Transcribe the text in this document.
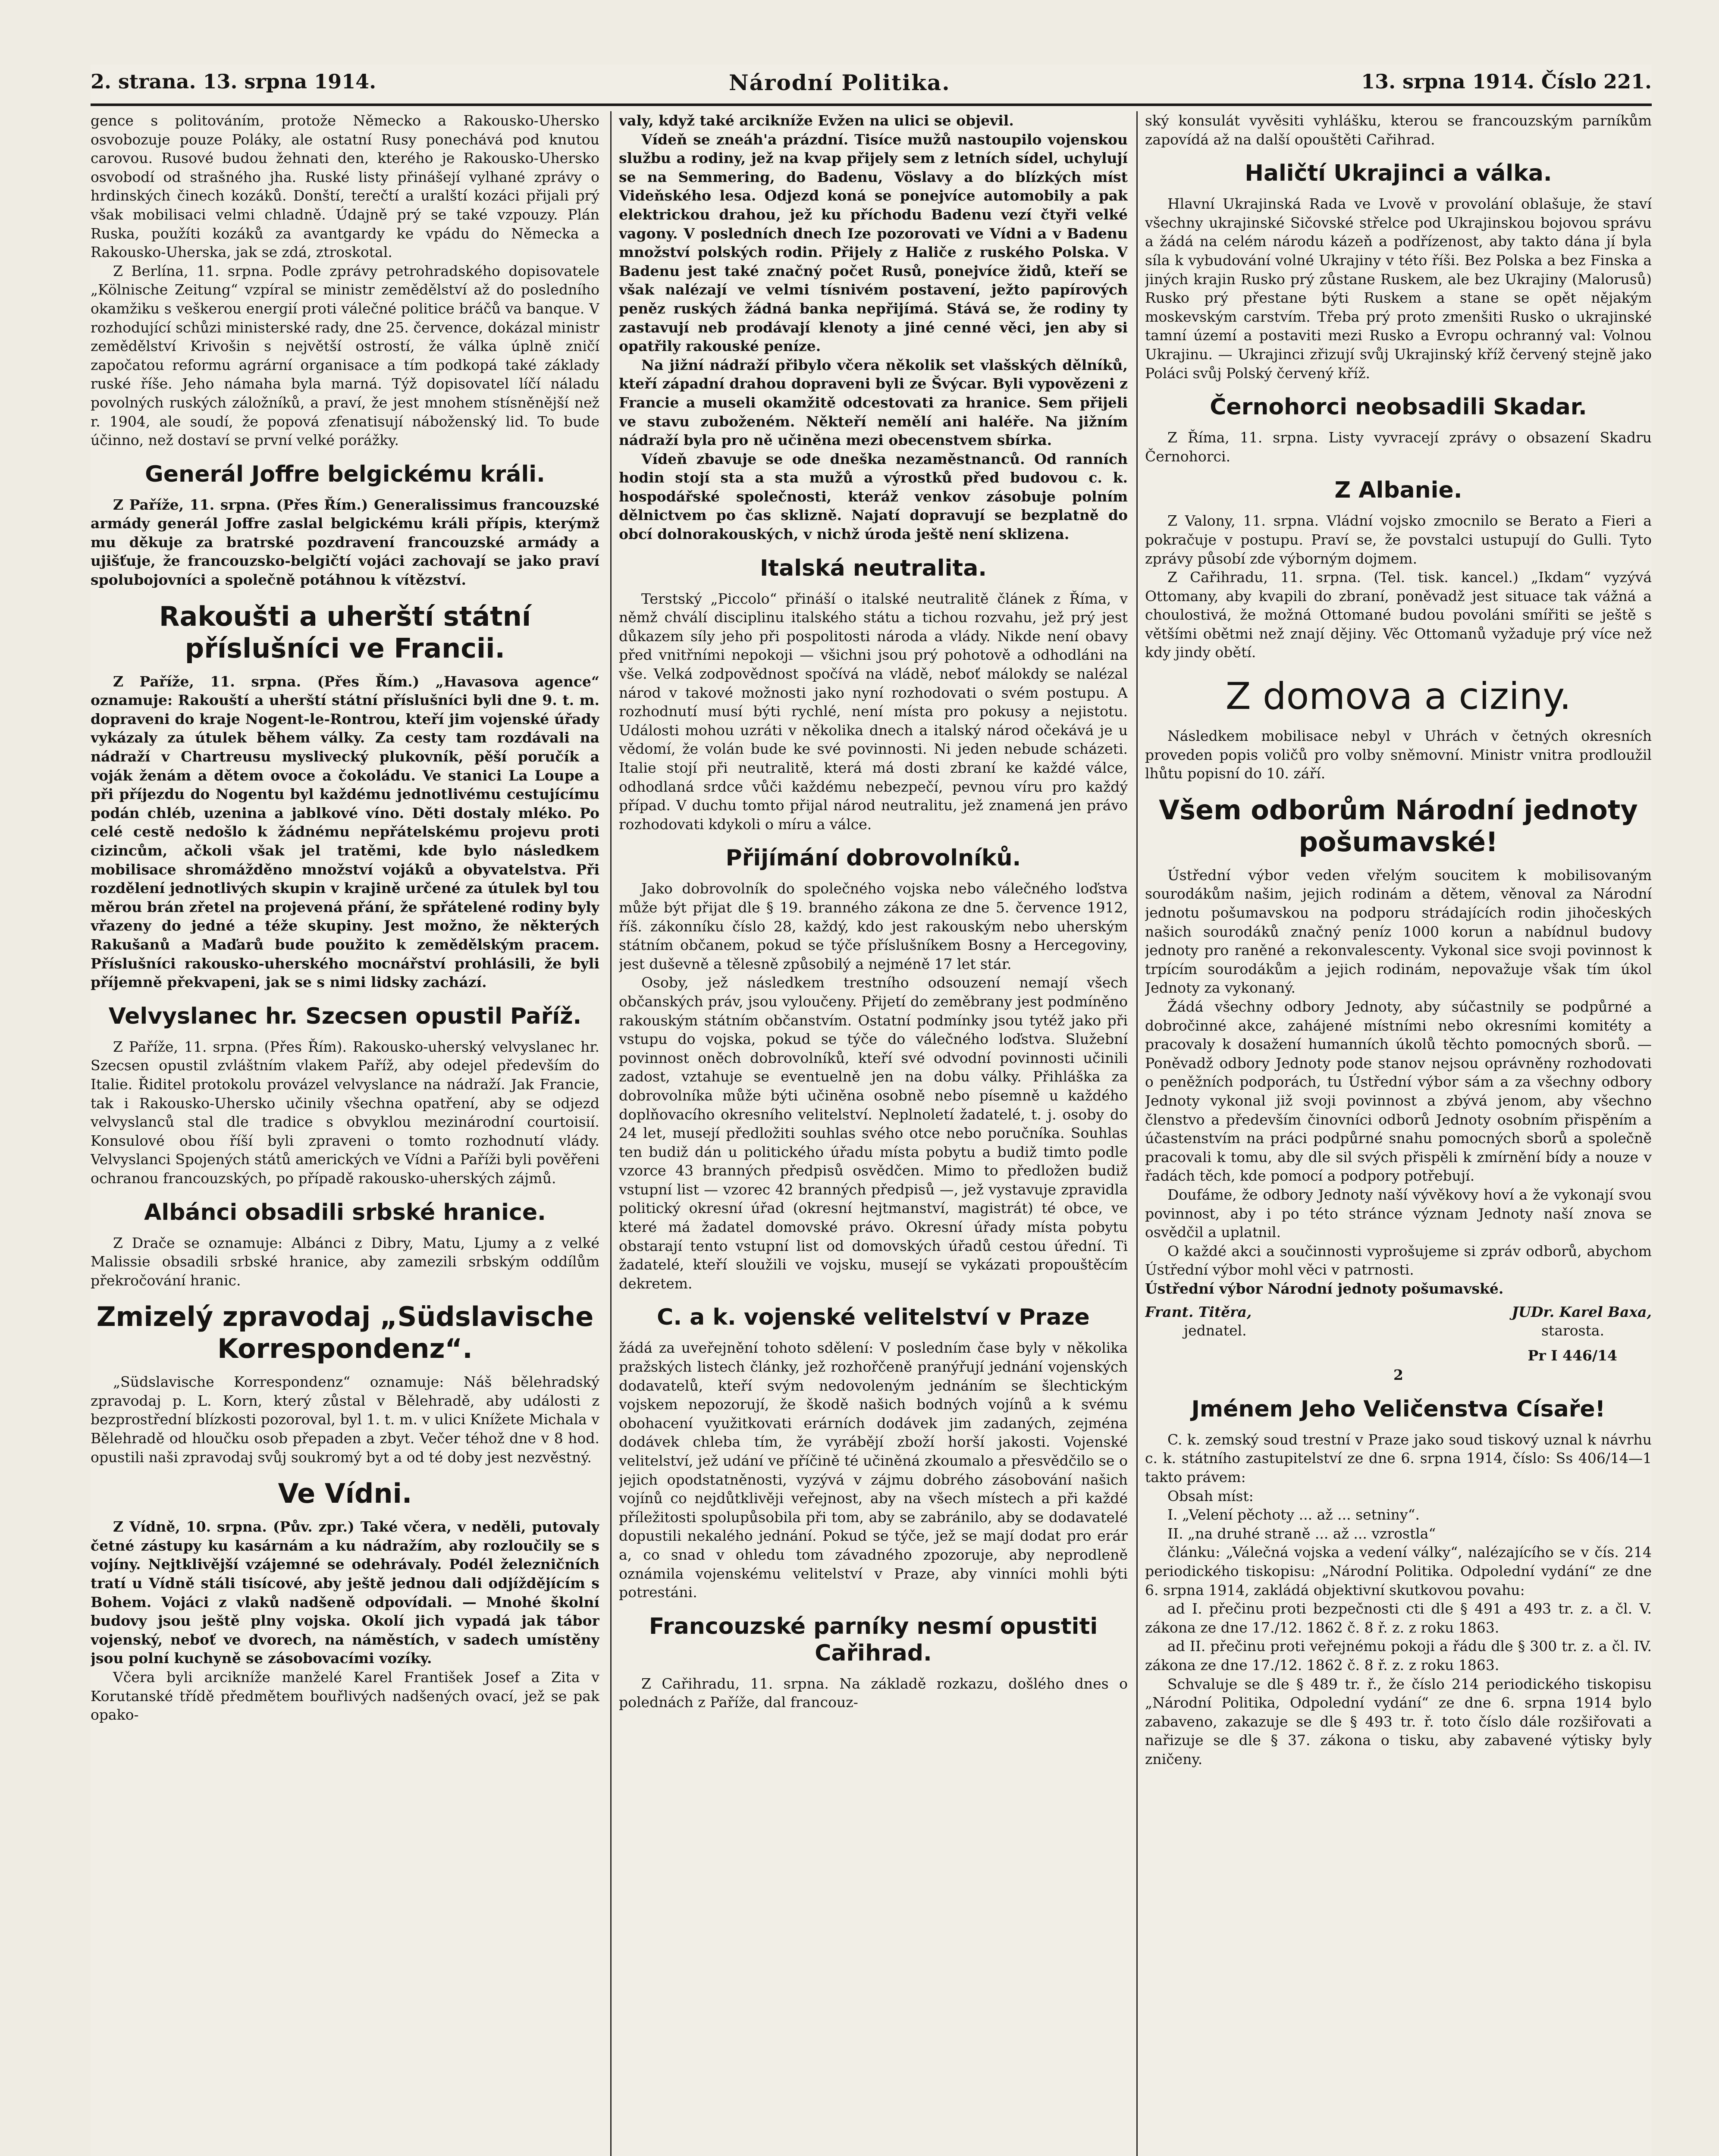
2. strana. 13. srpna 1914.	Národní Politika.	13. srpna 1914. Číslo 221.

gence s politováním, protože Německo a Rakousko-Uhersko osvobozuje pouze Poláky, ale ostatní Rusy ponechává pod knutou carovou. Rusové budou žehnati den, kterého je Rakousko-Uhersko osvobodí od strašného jha. Ruské listy přinášejí vylhané zprávy o hrdinských činech kozáků. Donští, terečtí a uralští kozáci přijali prý však mobilisaci velmi chladně. Údajně prý se také vzpouzy. Plán Ruska, použíti kozáků za avantgardy ke vpádu do Německa a Rakousko-Uherska, jak se zdá, ztroskotal.

Z Berlína, 11. srpna. Podle zprávy petrohradského dopisovatele „Kölnische Zeitung“ vzpíral se ministr zemědělství až do posledního okamžiku s veškerou energií proti válečné politice bráčů va banque. V rozhodující schůzi ministerské rady, dne 25. července, dokázal ministr zemědělství Krivošin s největší ostrostí, že válka úplně zničí započatou reformu agrární organisace a tím podkopá také základy ruské říše. Jeho námaha byla marná. Týž dopisovatel líčí náladu povolných ruských záložníků, a praví, že jest mnohem stísněnější než r. 1904, ale soudí, že popová zfenatisují náboženský lid. To bude účinno, než dostaví se první velké porážky.

Generál Joffre belgickému králi.

Z Paříže, 11. srpna. (Přes Řím.) Generalissimus francouzské armády generál Joffre zaslal belgickému králi přípis, kterýmž mu děkuje za bratrské pozdravení francouzské armády a ujišťuje, že francouzsko-belgičtí vojáci zachovají se jako praví spolubojovníci a společně potáhnou k vítězství.

Rakoušti a uherští státní příslušníci ve Francii.

Z Paříže, 11. srpna. (Přes Řím.) „Havasova agence“ oznamuje: Rakouští a uherští státní příslušníci byli dne 9. t. m. dopraveni do kraje Nogent-le-Rontrou, kteří jim vojenské úřady vykázaly za útulek během války. Za cesty tam rozdávali na nádraží v Chartreusu myslivecký plukovník, pěší poručík a voják ženám a dětem ovoce a čokoládu. Ve stanici La Loupe a při příjezdu do Nogentu byl každému jednotlivému cestujícímu podán chléb, uzenina a jablkové víno. Děti dostaly mléko. Po celé cestě nedošlo k žádnému nepřátelskému projevu proti cizincům, ačkoli však jel tratěmi, kde bylo následkem mobilisace shromážděno množství vojáků a obyvatelstva. Při rozdělení jednotlivých skupin v krajině určené za útulek byl tou měrou brán zřetel na projevená přání, že spřátelené rodiny byly vřazeny do jedné a téže skupiny. Jest možno, že některých Rakušanů a Maďarů bude použito k zemědělským pracem. Příslušníci rakousko-uherského mocnářství prohlásili, že byli příjemně překvapeni, jak se s nimi lidsky zachází.

Velvyslanec hr. Szecsen opustil Paříž.

Z Paříže, 11. srpna. (Přes Řím). Rakousko-uherský velvyslanec hr. Szecsen opustil zvláštním vlakem Paříž, aby odejel především do Italie. Řiditel protokolu provázel velvyslance na nádraží. Jak Francie, tak i Rakousko-Uhersko učinily všechna opatření, aby se odjezd velvyslanců stal dle tradice s obvyklou mezinárodní courtoisií. Konsulové obou říší byli zpraveni o tomto rozhodnutí vlády. Velvyslanci Spojených států amerických ve Vídni a Paříži byli pověřeni ochranou francouzských, po případě rakousko-uherských zájmů.

Albánci obsadili srbské hranice.

Z Drače se oznamuje: Albánci z Dibry, Matu, Ljumy a z velké Malissie obsadili srbské hranice, aby zamezili srbským oddílům překročování hranic.

Zmizelý zpravodaj „Südslavische Korrespondenz“.

„Südslavische Korrespondenz“ oznamuje: Náš bělehradský zpravodaj p. L. Korn, který zůstal v Bělehradě, aby události z bezprostřední blízkosti pozoroval, byl 1. t. m. v ulici Knížete Michala v Bělehradě od hloučku osob přepaden a zbyt. Večer téhož dne v 8 hod. opustili naši zpravodaj svůj soukromý byt a od té doby jest nezvěstný.

Ve Vídni.

Z Vídně, 10. srpna. (Pův. zpr.) Také včera, v neděli, putovaly četné zástupy ku kasárnám a ku nádražím, aby rozloučily se s vojíny. Nejtklivější vzájemné se odehrávaly. Podél železničních tratí u Vídně stáli tisícové, aby ještě jednou dali odjíždějícím s Bohem. Vojáci z vlaků nadšeně odpovídali. — Mnohé školní budovy jsou ještě plny vojska. Okolí jich vypadá jak tábor vojenský, neboť ve dvorech, na náměstích, v sadech umístěny jsou polní kuchyně se zásobovacími vozíky.

Včera byli arcikníže manželé Karel František Josef a Zita v Korutanské třídě předmětem bouřlivých nadšených ovací, jež se pak opako-

valy, když také arcikníže Evžen na ulici se objevil.

Vídeň se zneáh'a prázdní. Tisíce mužů nastoupilo vojenskou službu a rodiny, jež na kvap přijely sem z letních sídel, uchylují se na Semmering, do Badenu, Vöslavy a do blízkých míst Videňského lesa. Odjezd koná se ponejvíce automobily a pak elektrickou drahou, jež ku příchodu Badenu vezí čtyři velké vagony. V posledních dnech Ize pozorovati ve Vídni a v Badenu množství polských rodin. Přijely z Haliče z ruského Polska. V Badenu jest také značný počet Rusů, ponejvíce židů, kteří se však nalézají ve velmi tísnivém postavení, ježto papírových peněz ruských žádná banka nepřijímá. Stává se, že rodiny ty zastavují neb prodávají klenoty a jiné cenné věci, jen aby si opatřily rakouské peníze.

Na jižní nádraží přibylo včera několik set vlašských dělníků, kteří západní drahou dopraveni byli ze Švýcar. Byli vypovězeni z Francie a museli okamžitě odcestovati za hranice. Sem přijeli ve stavu zuboženém. Někteří nemělí ani haléře. Na jižním nádraží byla pro ně učiněna mezi obecenstvem sbírka.

Vídeň zbavuje se ode dneška nezaměstnanců. Od ranních hodin stojí sta a sta mužů a výrostků před budovou c. k. hospodářské společnosti, kteráž venkov zásobuje polním dělnictvem po čas sklizně. Najatí dopravují se bezplatně do obcí dolnorakouských, v nichž úroda ještě není sklizena.

Italská neutralita.

Terstský „Piccolo“ přináší o italské neutralitě článek z Říma, v němž chválí disciplinu italského státu a tichou rozvahu, jež prý jest důkazem síly jeho při pospolitosti národa a vlády. Nikde není obavy před vnitřními nepokoji — všichni jsou prý pohotově a odhodláni na vše. Velká zodpovědnost spočívá na vládě, neboť málokdy se nalézal národ v takové možnosti jako nyní rozhodovati o svém postupu. A rozhodnutí musí býti rychlé, není místa pro pokusy a nejistotu. Události mohou uzráti v několika dnech a italský národ očekává je u vědomí, že volán bude ke své povinnosti. Ni jeden nebude scházeti. Italie stojí při neutralitě, která má dosti zbraní ke každé válce, odhodlaná srdce vůči každému nebezpečí, pevnou víru pro každý případ. V duchu tomto přijal národ neutralitu, jež znamená jen právo rozhodovati kdykoli o míru a válce.

Přijímání dobrovolníků.

Jako dobrovolník do společného vojska nebo válečného loďstva může být přijat dle § 19. branného zákona ze dne 5. července 1912, říš. zákonníku číslo 28, každý, kdo jest rakouským nebo uherským státním občanem, pokud se týče příslušníkem Bosny a Hercegoviny, jest duševně a tělesně způsobilý a nejméně 17 let stár.

Osoby, jež následkem trestního odsouzení nemají všech občanských práv, jsou vyloučeny. Přijetí do zeměbrany jest podmíněno rakouským státním občanstvím. Ostatní podmínky jsou tytéž jako při vstupu do vojska, pokud se týče do válečného loďstva. Služební povinnost oněch dobrovolníků, kteří své odvodní povinnosti učinili zadost, vztahuje se eventuelně jen na dobu války. Přihláška za dobrovolníka může býti učiněna osobně nebo písemně u každého doplňovacího okresního velitelství. Neplnoletí žadatelé, t. j. osoby do 24 let, musejí předložiti souhlas svého otce nebo poručníka. Souhlas ten budiž dán u politického úřadu místa pobytu a budiž timto podle vzorce 43 branných předpisů osvědčen. Mimo to předložen budiž vstupní list — vzorec 42 branných předpisů —, jež vystavuje zpravidla politický okresní úřad (okresní hejtmanství, magistrát) té obce, ve které má žadatel domovské právo. Okresní úřady místa pobytu obstarají tento vstupní list od domovských úřadů cestou úřední. Ti žadatelé, kteří sloužili ve vojsku, musejí se vykázati propouštěcím dekretem.

C. a k. vojenské velitelství v Praze

žádá za uveřejnění tohoto sdělení: V posledním čase byly v několika pražských listech články, jež rozhořčeně pranýřují jednání vojenských dodavatelů, kteří svým nedovoleným jednáním se šlechtickým vojskem nepozorují, že škodě našich bodných vojínů a k svému obohacení využitkovati erárních dodávek jim zadaných, zejména dodávek chleba tím, že vyrábějí zboží horší jakosti. Vojenské velitelství, jež udání ve příčině té učiněná zkoumalo a přesvědčilo se o jejich opodstatněnosti, vyzývá v zájmu dobrého zásobování našich vojínů co nejdůtklivěji veřejnost, aby na všech místech a při každé příležitosti spolupůsobila při tom, aby se zabránilo, aby se dodavatelé dopustili nekalého jednání. Pokud se týče, jež se mají dodat pro erár a, co snad v ohledu tom závadného zpozoruje, aby neprodleně oznámila vojenskému velitelství v Praze, aby vinníci mohli býti potrestáni.

Francouzské parníky nesmí opustiti Cařihrad.

Z Cařihradu, 11. srpna. Na základě rozkazu, došlého dnes o polednách z Paříže, dal francouz-

ský konsulát vyvěsiti vyhlášku, kterou se francouzským parníkům zapovídá až na další opouštěti Cařihrad.

Haličtí Ukrajinci a válka.

Hlavní Ukrajinská Rada ve Lvově v provolání oblašuje, že staví všechny ukrajinské Sičovské střelce pod Ukrajinskou bojovou správu a žádá na celém národu kázeň a podřízenost, aby takto dána jí byla síla k vybudování volné Ukrajiny v této říši. Bez Polska a bez Finska a jiných krajin Rusko prý zůstane Ruskem, ale bez Ukrajiny (Malorusů) Rusko prý přestane býti Ruskem a stane se opět nějakým moskevským carstvím. Třeba prý proto zmenšiti Rusko o ukrajinské tamní území a postaviti mezi Rusko a Evropu ochranný val: Volnou Ukrajinu. — Ukrajinci zřizují svůj Ukrajinský kříž červený stejně jako Poláci svůj Polský červený kříž.

Černohorci neobsadili Skadar.

Z Říma, 11. srpna. Listy vyvracejí zprávy o obsazení Skadru Černohorci.

Z Albanie.

Z Valony, 11. srpna. Vládní vojsko zmocnilo se Berato a Fieri a pokračuje v postupu. Praví se, že povstalci ustupují do Gulli. Tyto zprávy působí zde výborným dojmem.

Z Cařihradu, 11. srpna. (Tel. tisk. kancel.) „Ikdam“ vyzývá Ottomany, aby kvapili do zbraní, poněvadž jest situace tak vážná a choulostivá, že možná Ottomané budou povoláni smířiti se ještě s většími obětmi než znají dějiny. Věc Ottomanů vyžaduje prý více než kdy jindy obětí.

Z domova a ciziny.

Následkem mobilisace nebyl v Uhrách v četných okresních proveden popis voličů pro volby sněmovní. Ministr vnitra prodloužil lhůtu popisní do 10. září.

Všem odborům Národní jednoty pošumavské!

Ústřední výbor veden vřelým soucitem k mobilisovaným sourodákům našim, jejich rodinám a dětem, věnoval za Národní jednotu pošumavskou na podporu strádajících rodin jihočeských našich sourodáků značný peníz 1000 korun a nabídnul budovy jednoty pro raněné a rekonvalescenty. Vykonal sice svoji povinnost k trpícím sourodákům a jejich rodinám, nepovažuje však tím úkol Jednoty za vykonaný.

Žádá všechny odbory Jednoty, aby súčastnily se podpůrné a dobročinné akce, zahájené místními nebo okresními komitéty a pracovaly k dosažení humanních úkolů těchto pomocných sborů. — Poněvadž odbory Jednoty pode stanov nejsou oprávněny rozhodovati o peněžních podporách, tu Ústřední výbor sám a za všechny odbory Jednoty vykonal již svoji povinnost a zbývá jenom, aby všechno členstvo a především činovníci odborů Jednoty osobním přispěním a účastenstvím na práci podpůrné snahu pomocných sborů a společně pracovali k tomu, aby dle sil svých přispěli k zmírnění bídy a nouze v řadách těch, kde pomocí a podpory potřebují.

Doufáme, že odbory Jednoty naší vývěkovy hoví a že vykonají svou povinnost, aby i po této stránce význam Jednoty naší znova se osvědčil a uplatnil.

O každé akci a součinnosti vyprošujeme si zpráv odborů, abychom Ústřední výbor mohl věci v patrnosti.

Ústřední výbor Národní jednoty pošumavské.

Frant. Titěra,	JUDr. Karel Baxa,
jednatel.	starosta.
Pr I 446/14
2
Jménem Jeho Veličenstva Císaře!

C. k. zemský soud trestní v Praze jako soud tiskový uznal k návrhu c. k. státního zastupitelství ze dne 6. srpna 1914, číslo: Ss 406/14—1 takto právem:

Obsah míst:

I. „Velení pěchoty ... až ... setniny“.

II. „na druhé straně ... až ... vzrostla“

článku: „Válečná vojska a vedení války“, nalézajícího se v čís. 214 periodického tiskopisu: „Národní Politika. Odpolední vydání“ ze dne 6. srpna 1914, zakládá objektivní skutkovou povahu:

ad I. přečinu proti bezpečnosti cti dle § 491 a 493 tr. z. a čl. V. zákona ze dne 17./12. 1862 č. 8 ř. z. z roku 1863.

ad II. přečinu proti veřejnému pokoji a řádu dle § 300 tr. z. a čl. IV. zákona ze dne 17./12. 1862 č. 8 ř. z. z roku 1863.

Schvaluje se dle § 489 tr. ř., že číslo 214 periodického tiskopisu „Národní Politika, Odpolední vydání“ ze dne 6. srpna 1914 bylo zabaveno, zakazuje se dle § 493 tr. ř. toto číslo dále rozšiřovati a nařizuje se dle § 37. zákona o tisku, aby zabavené výtisky byly zničeny.
